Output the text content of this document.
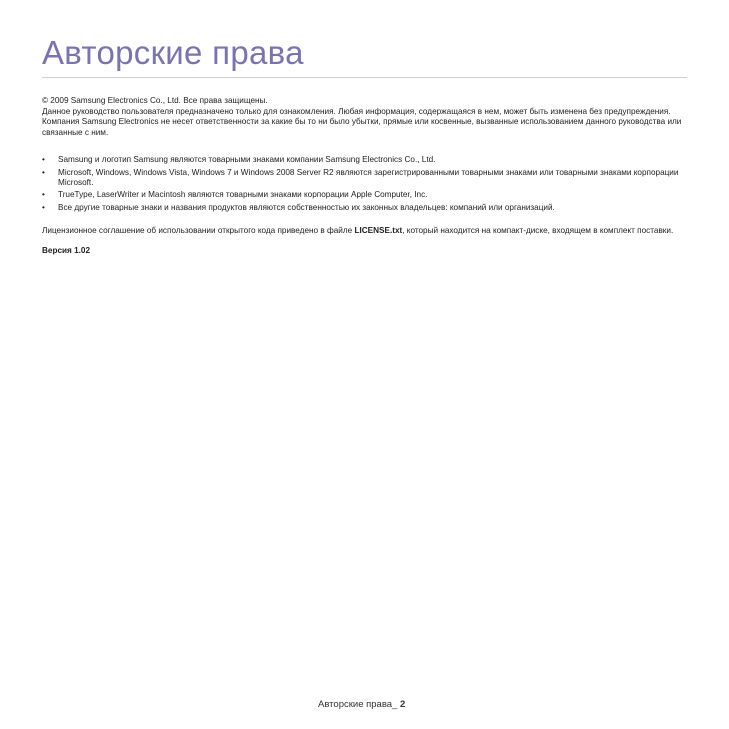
Авторские права

© 2009 Samsung Electronics Co., Ltd. Все права защищены.

Данное руководство пользователя предназначено только для ознакомления. Любая информация, содержащаяся в нем, может быть изменена без предупреждения.

Компания Samsung Electronics не несет ответственности за какие бы то ни было убытки, прямые или косвенные, вызванные использованием данного руководства или связанные с ним.

• Samsung и логотип Samsung являются товарными знаками компании Samsung Electronics Co., Ltd.
• Microsoft, Windows, Windows Vista, Windows 7 и Windows 2008 Server R2 являются зарегистрированными товарными знаками или товарными знаками корпорации Microsoft.
• TrueType, LaserWriter и Macintosh являются товарными знаками корпорации Apple Computer, Inc.
• Все другие товарные знаки и названия продуктов являются собственностью их законных владельцев: компаний или организаций.

Лицензионное соглашение об использовании открытого кода приведено в файле LICENSE.txt, который находится на компакт-диске, входящем в комплект поставки.

Версия 1.02

Авторские права_ 2
